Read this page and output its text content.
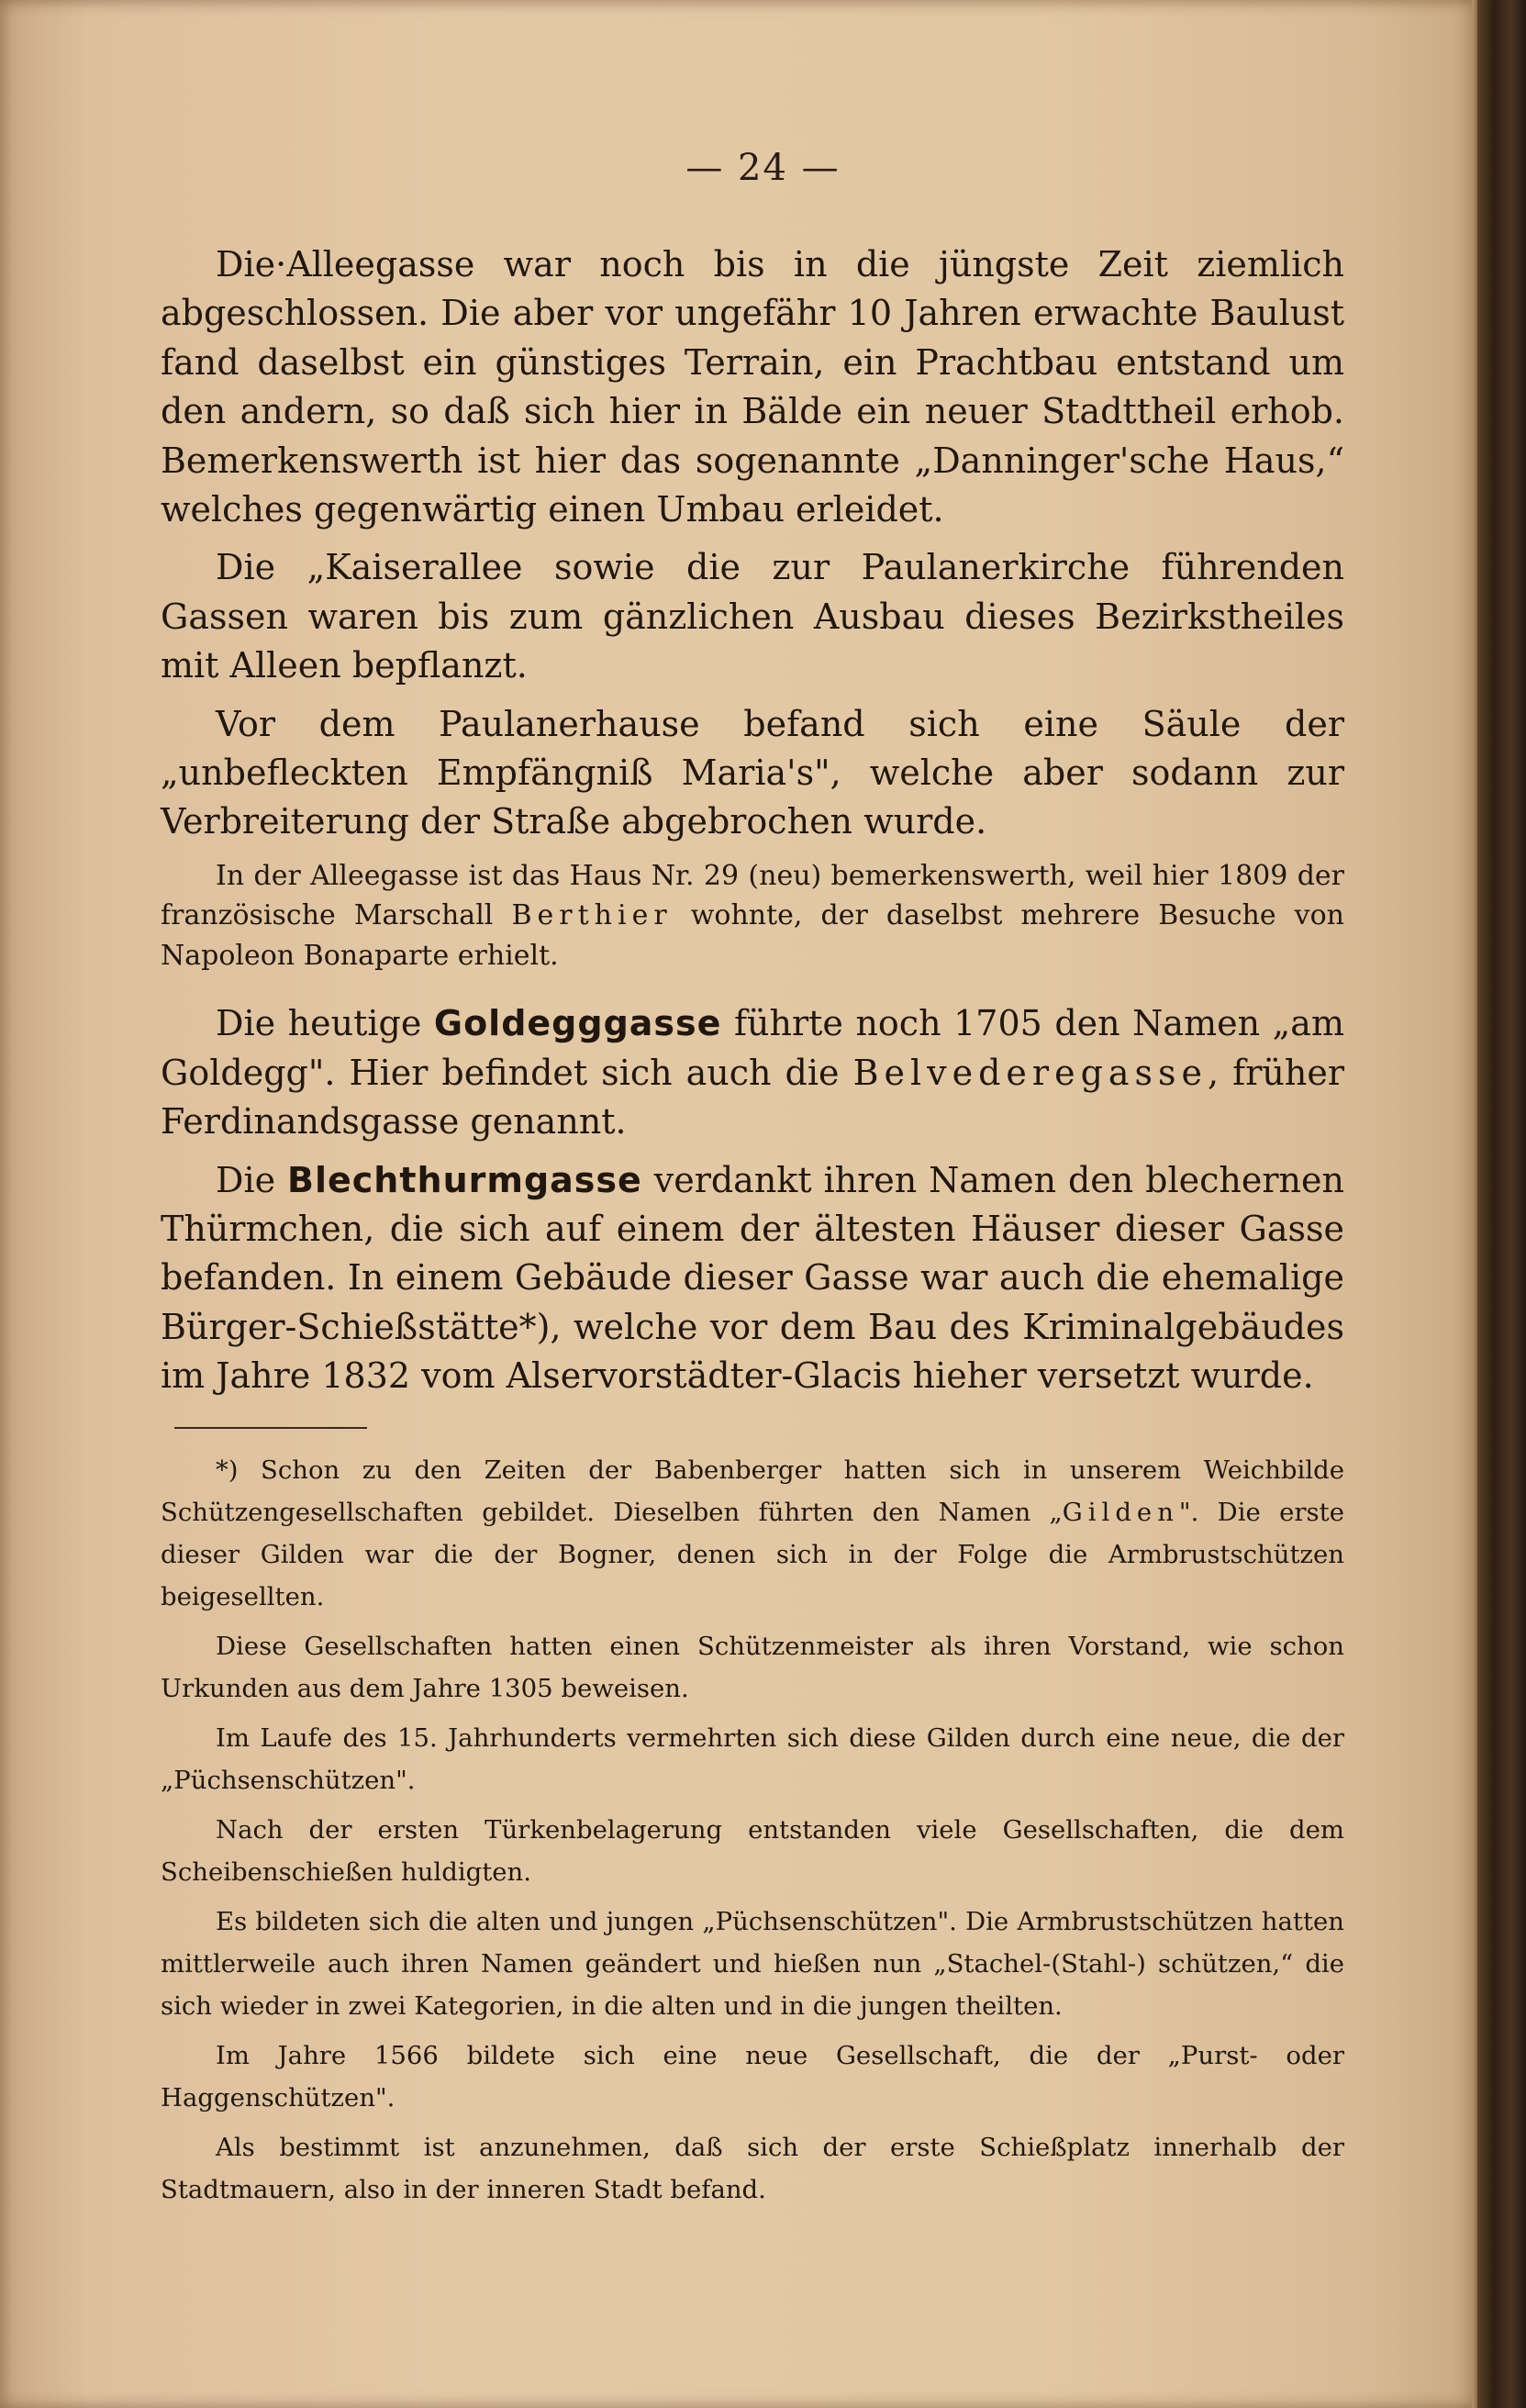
— 24 —

Die·Alleegasse war noch bis in die jüngste Zeit ziemlich abgeschlossen. Die aber vor ungefähr 10 Jahren erwachte Baulust fand daselbst ein günstiges Terrain, ein Prachtbau entstand um den andern, so daß sich hier in Bälde ein neuer Stadttheil erhob. Bemerkenswerth ist hier das sogenannte „Danninger'sche Haus,“ welches gegenwärtig einen Umbau erleidet.

Die „Kaiserallee sowie die zur Paulanerkirche führenden Gassen waren bis zum gänzlichen Ausbau dieses Bezirkstheiles mit Alleen bepflanzt.

Vor dem Paulanerhause befand sich eine Säule der „unbefleckten Empfängniß Maria's", welche aber sodann zur Verbreiterung der Straße abgebrochen wurde.

In der Alleegasse ist das Haus Nr. 29 (neu) bemerkenswerth, weil hier 1809 der französische Marschall Berthier wohnte, der daselbst mehrere Besuche von Napoleon Bonaparte erhielt.

Die heutige Goldegggasse führte noch 1705 den Namen „am Goldegg". Hier befindet sich auch die Belvederegasse, früher Ferdinandsgasse genannt.

Die Blechthurmgasse verdankt ihren Namen den blechernen Thürmchen, die sich auf einem der ältesten Häuser dieser Gasse befanden. In einem Gebäude dieser Gasse war auch die ehemalige Bürger-Schießstätte*), welche vor dem Bau des Kriminalgebäudes im Jahre 1832 vom Alservorstädter-Glacis hieher versetzt wurde.

*) Schon zu den Zeiten der Babenberger hatten sich in unserem Weichbilde Schützengesellschaften gebildet. Dieselben führten den Namen „Gilden". Die erste dieser Gilden war die der Bogner, denen sich in der Folge die Armbrustschützen beigesellten.

Diese Gesellschaften hatten einen Schützenmeister als ihren Vorstand, wie schon Urkunden aus dem Jahre 1305 beweisen.

Im Laufe des 15. Jahrhunderts vermehrten sich diese Gilden durch eine neue, die der „Püchsenschützen".

Nach der ersten Türkenbelagerung entstanden viele Gesellschaften, die dem Scheibenschießen huldigten.

Es bildeten sich die alten und jungen „Püchsenschützen". Die Armbrustschützen hatten mittlerweile auch ihren Namen geändert und hießen nun „Stachel-(Stahl-) schützen,“ die sich wieder in zwei Kategorien, in die alten und in die jungen theilten.

Im Jahre 1566 bildete sich eine neue Gesellschaft, die der „Purst- oder Haggenschützen".

Als bestimmt ist anzunehmen, daß sich der erste Schießplatz innerhalb der Stadtmauern, also in der inneren Stadt befand.
